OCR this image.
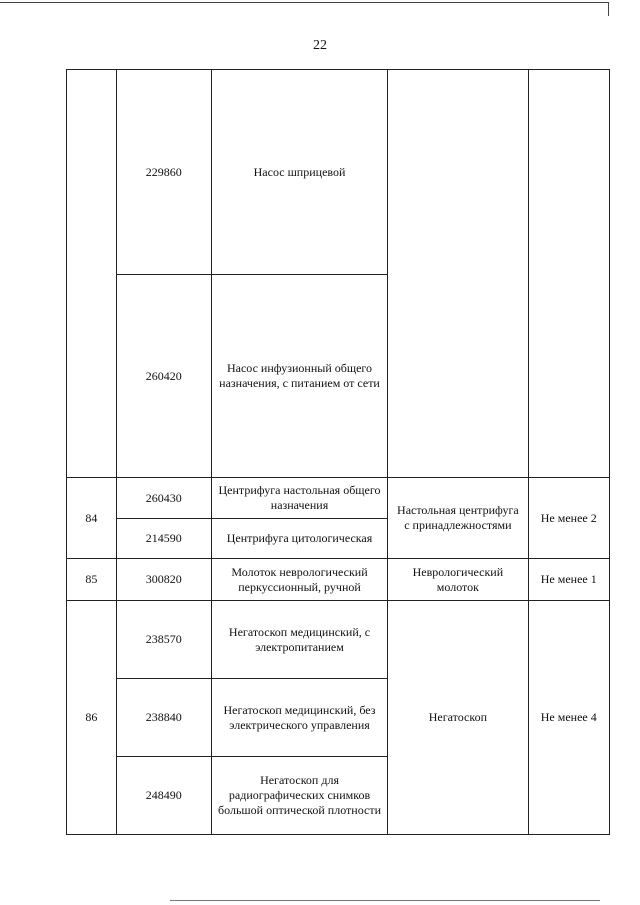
22
	229860	Насос шприцевой		
	260420	Насос инфузионный общего назначения, с питанием от сети		
84	260430	Центрифуга настольная общего назначения	Настольная центрифуга с принадлежностями	Не менее 2
	214590	Центрифуга цитологическая		
85	300820	Молоток неврологический перкуссионный, ручной	Неврологический молоток	Не менее 1
86	238570	Негатоскоп медицинский, с электропитанием	Негатоскоп	Не менее 4
	238840	Негатоскоп медицинский, без электрического управления		
	248490	Негатоскоп для радиографических снимков большой оптической плотности		
